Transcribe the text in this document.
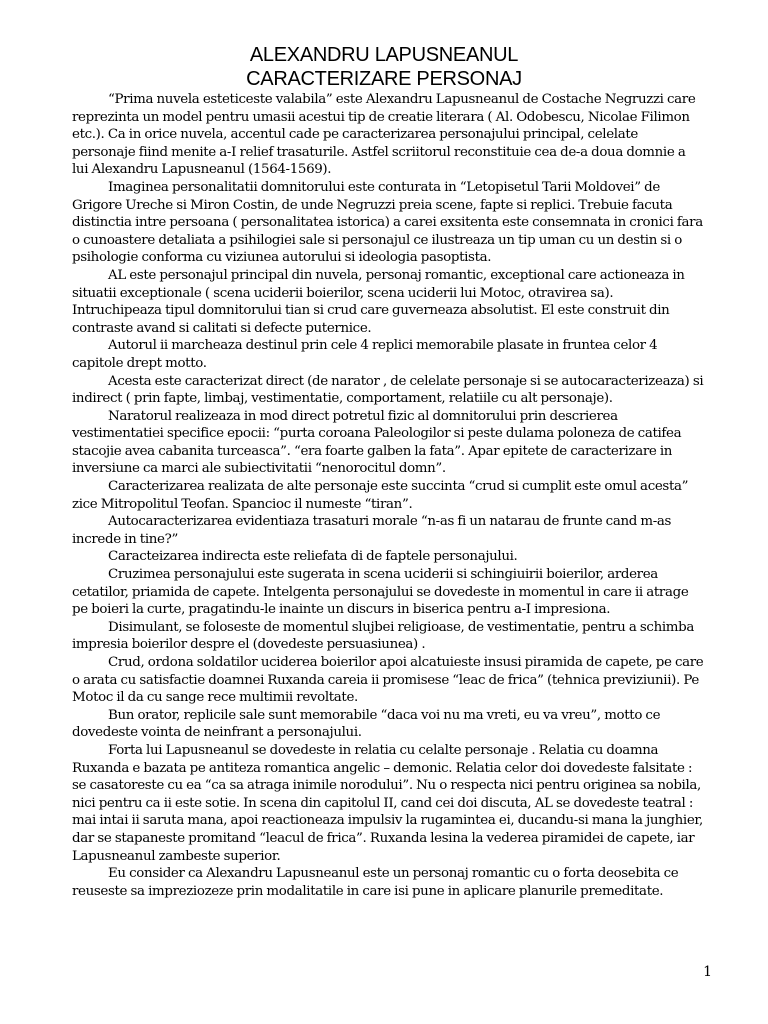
ALEXANDRU LAPUSNEANUL
CARACTERIZARE PERSONAJ

“Prima nuvela esteticeste valabila” este Alexandru Lapusneanul de Costache Negruzzi care reprezinta un model pentru umasii acestui tip de creatie literara ( Al. Odobescu, Nicolae Filimon etc.). Ca in orice nuvela, accentul cade pe caracterizarea personajului principal, celelate personaje fiind menite a-I relief trasaturile. Astfel scriitorul reconstituie cea de-a doua domnie a lui Alexandru Lapusneanul (1564-1569).

Imaginea personalitatii domnitorului este conturata in “Letopisetul Tarii Moldovei” de Grigore Ureche si Miron Costin, de unde Negruzzi preia scene, fapte si replici. Trebuie facuta distinctia intre persoana ( personalitatea istorica) a carei exsitenta este consemnata in cronici fara o cunoastere detaliata a psihilogiei sale si personajul ce ilustreaza un tip uman cu un destin si o psihologie conforma cu viziunea autorului si ideologia pasoptista.

AL este personajul principal din nuvela, personaj romantic, exceptional care actioneaza in situatii exceptionale ( scena uciderii boierilor, scena uciderii lui Motoc, otravirea sa). Intruchipeaza tipul domnitorului tian si crud care guverneaza absolutist. El este construit din contraste avand si calitati si defecte puternice.

Autorul ii marcheaza destinul prin cele 4 replici memorabile plasate in fruntea celor 4 capitole drept motto.

Acesta este caracterizat direct (de narator , de celelate personaje si se autocaracterizeaza) si indirect ( prin fapte, limbaj, vestimentatie, comportament, relatiile cu alt personaje).

Naratorul realizeaza in mod direct potretul fizic al domnitorului prin descrierea vestimentatiei specifice epocii: “purta coroana Paleologilor si peste dulama poloneza de catifea stacojie avea cabanita turceasca”. “era foarte galben la fata”. Apar epitete de caracterizare in inversiune ca marci ale subiectivitatii “nenorocitul domn”.

Caracterizarea realizata de alte personaje este succinta “crud si cumplit este omul acesta” zice Mitropolitul Teofan. Spancioc il numeste “tiran”.

Autocaracterizarea evidentiaza trasaturi morale “n-as fi un natarau de frunte cand m-as increde in tine?”

Caracteizarea indirecta este reliefata di de faptele personajului.

Cruzimea personajului este sugerata in scena uciderii si schingiuirii boierilor, arderea cetatilor, priamida de capete. Intelgenta personajului se dovedeste in momentul in care ii atrage pe boieri la curte, pragatindu-le inainte un discurs in biserica pentru a-I impresiona.

Disimulant, se foloseste de momentul slujbei religioase, de vestimentatie, pentru a schimba impresia boierilor despre el (dovedeste persuasiunea) .

Crud, ordona soldatilor uciderea boierilor apoi alcatuieste insusi piramida de capete, pe care o arata cu satisfactie doamnei Ruxanda careia ii promisese “leac de frica” (tehnica previziunii). Pe Motoc il da cu sange rece multimii revoltate.

Bun orator, replicile sale sunt memorabile “daca voi nu ma vreti, eu va vreu”, motto ce dovedeste vointa de neinfrant a personajului.

Forta lui Lapusneanul se dovedeste in relatia cu celalte personaje . Relatia cu doamna Ruxanda e bazata pe antiteza romantica angelic – demonic. Relatia celor doi dovedeste falsitate : se casatoreste cu ea “ca sa atraga inimile norodului”. Nu o respecta nici pentru originea sa nobila, nici pentru ca ii este sotie. In scena din capitolul II, cand cei doi discuta, AL se dovedeste teatral : mai intai ii saruta mana, apoi reactioneaza impulsiv la rugamintea ei, ducandu-si mana la junghier, dar se stapaneste promitand “leacul de frica”. Ruxanda lesina la vederea piramidei de capete, iar Lapusneanul zambeste superior.

Eu consider ca Alexandru Lapusneanul este un personaj romantic cu o forta deosebita ce reuseste sa impreziozeze prin modalitatile in care isi pune in aplicare planurile premeditate.

1
